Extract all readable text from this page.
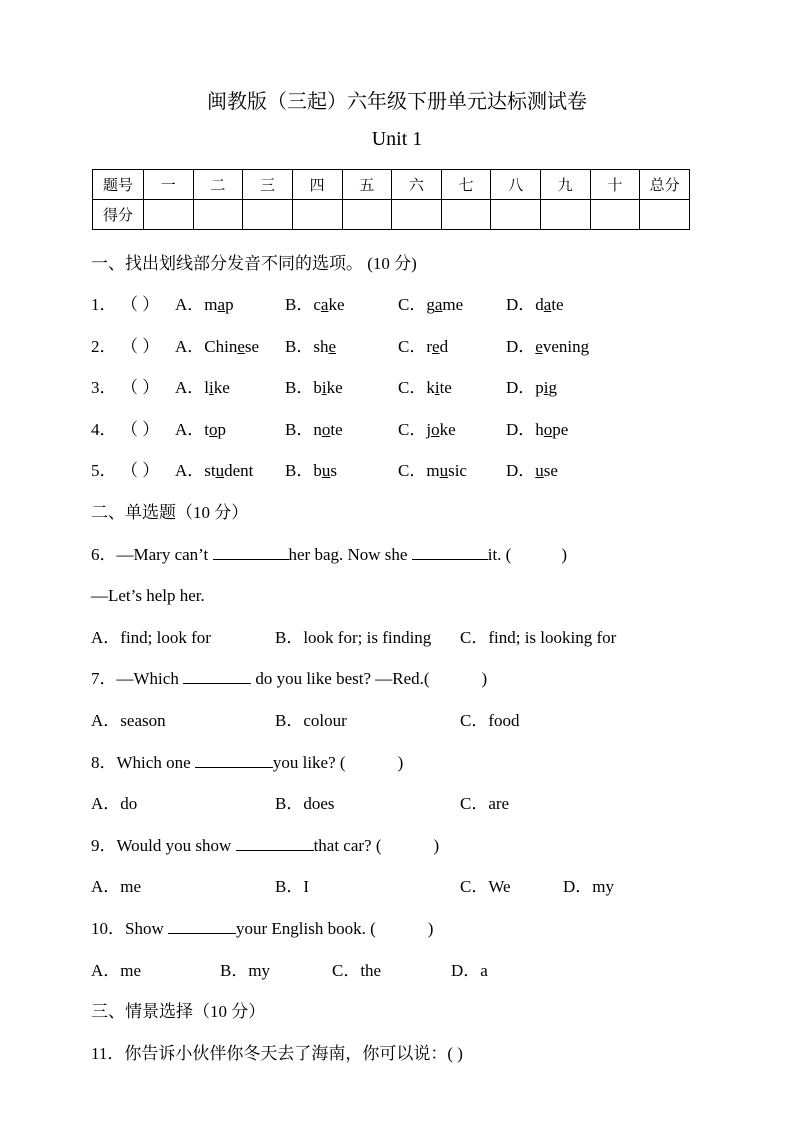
闽教版（三起）六年级下册单元达标测试卷
Unit 1
题号	一	二	三	四	五	六	七	八	九	十	总分
得分											
一、找出划线部分发音不同的选项。 (10 分)
1． （ ） A．map	B．cake	C．game	D．date
2． （ ） A．Chinese B．she	C．red	D．evening
3． （ ） A．like	B．bike	C．kite	D．pig
4． （ ） A．top	B．note	C．joke	D．hope
5． （ ） A．student B．bus	C．music D．use
二、单选题（10 分）
6．—Mary can’t	her bag. Now she	it. (	)
—Let’s help her.
A．find; look for	B．look for; is finding C．find; is looking for
7．—Which	do you like best? —Red.(	)
A．season	B．colour	C．food
8．Which one	you like? (	)
A．do	B．does	C．are
9．Would you show	that car? (	)
A．me	B．I	C．We	D．my
10．Show	your English book. (	)
A．me	B．my	C．the	D．a
三、情景选择（10 分）
11．你告诉小伙伴你冬天去了海南，你可以说：( )
